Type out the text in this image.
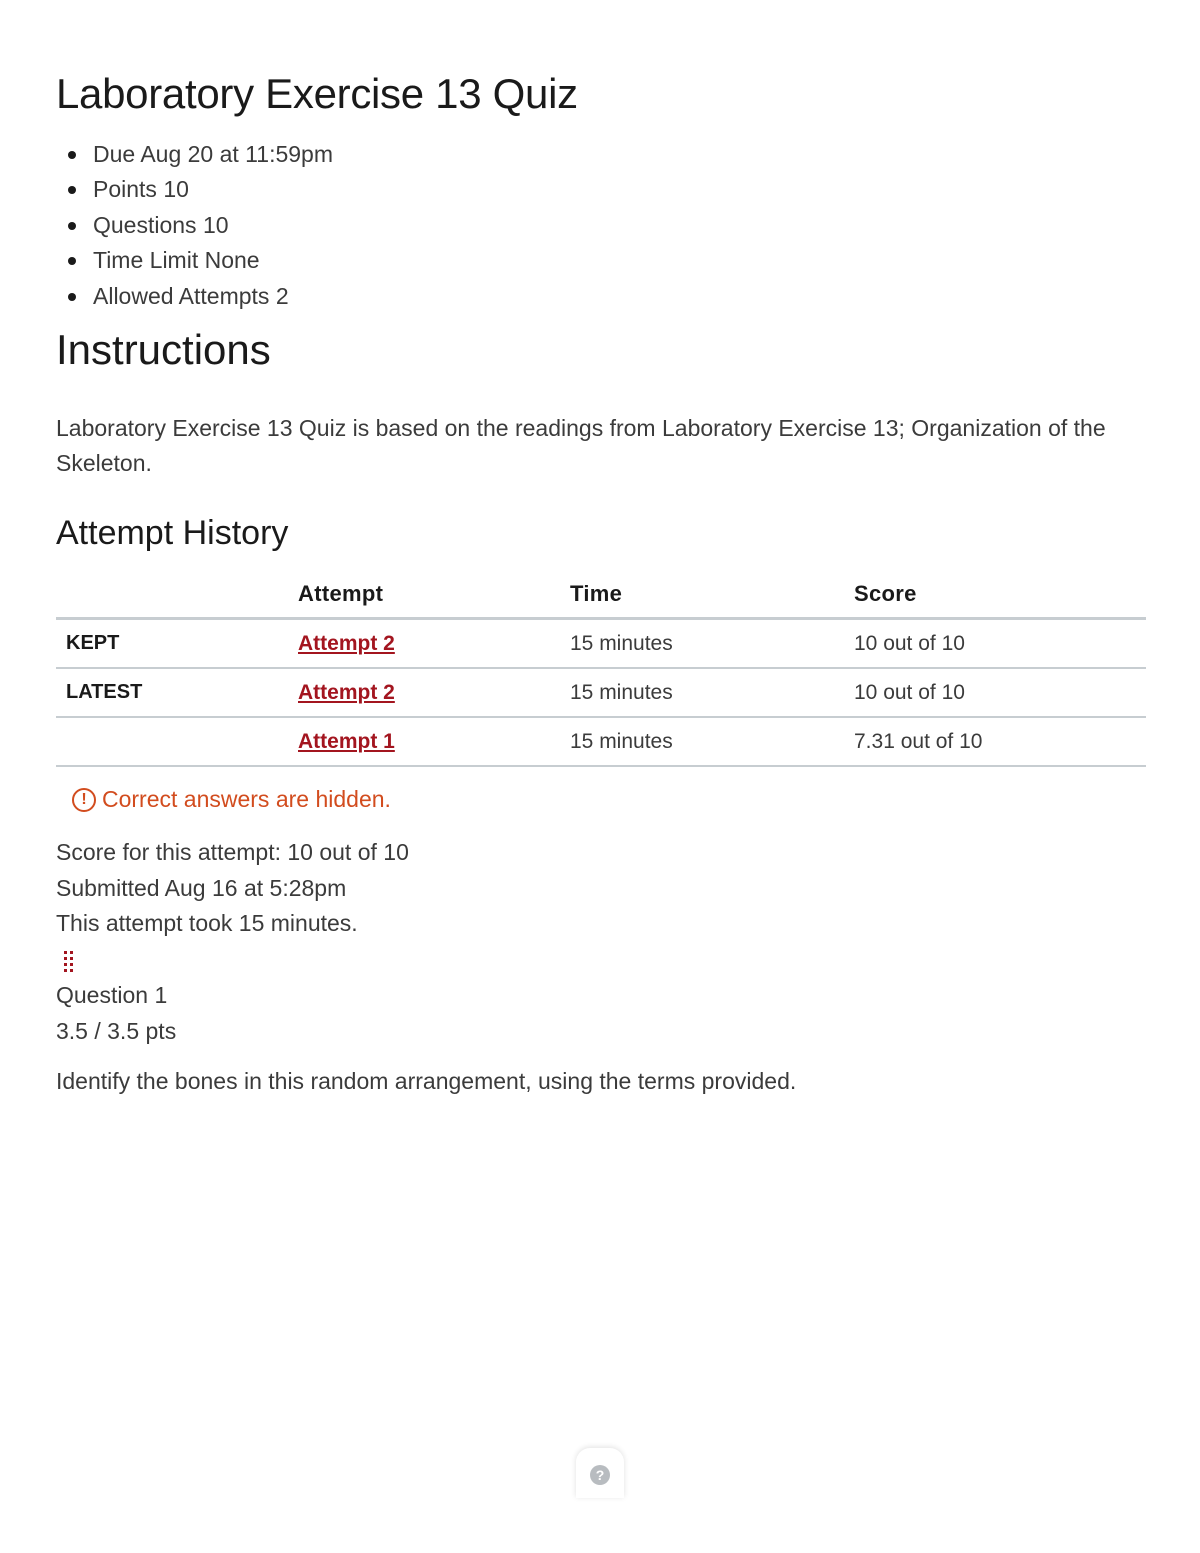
Laboratory Exercise 13 Quiz
Due Aug 20 at 11:59pm
Points 10
Questions 10
Time Limit None
Allowed Attempts 2
Instructions

Laboratory Exercise 13 Quiz is based on the readings from Laboratory Exercise 13; Organization of the Skeleton.

Attempt History
	Attempt	Time	Score
KEPT	Attempt 2	15 minutes	10 out of 10
LATEST	Attempt 2	15 minutes	10 out of 10
	Attempt 1	15 minutes	7.31 out of 10
! Correct answers are hidden.
Score for this attempt: 10 out of 10
Submitted Aug 16 at 5:28pm
This attempt took 15 minutes.
Question 1
3.5 / 3.5 pts
Identify the bones in this random arrangement, using the terms provided.
?
